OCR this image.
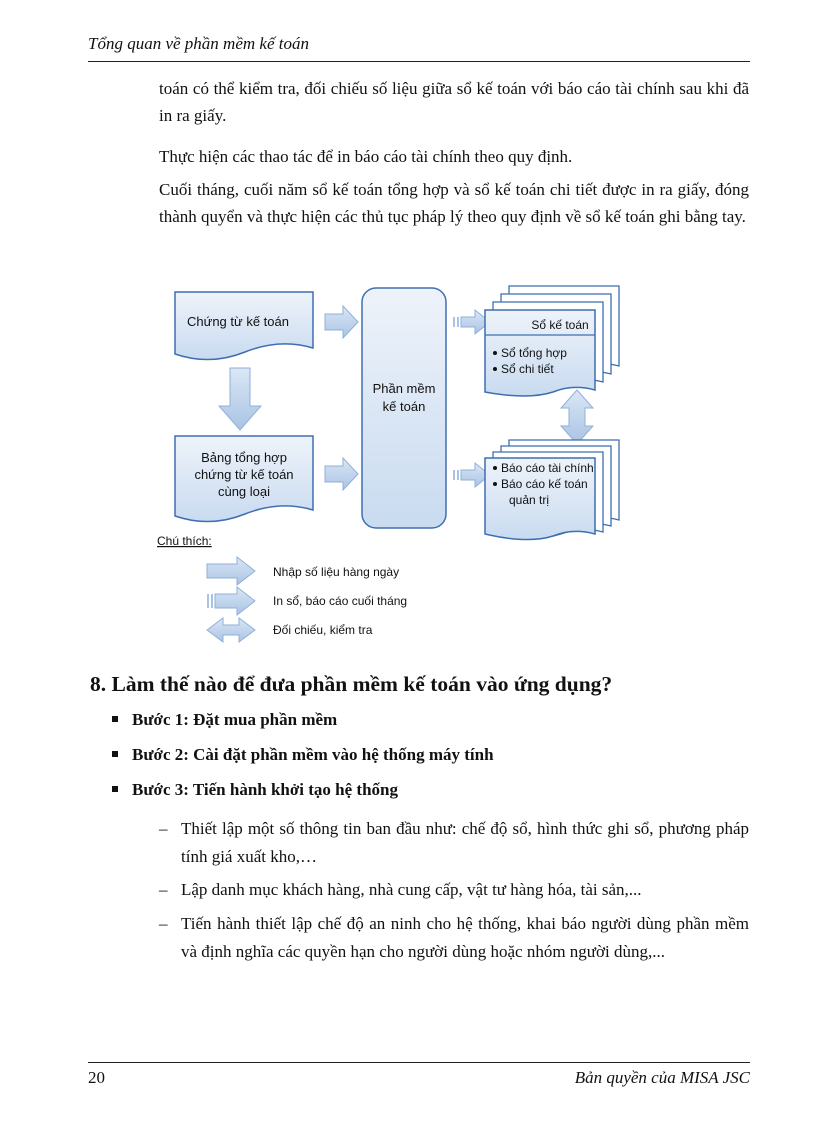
Tổng quan về phần mềm kế toán

toán có thể kiểm tra, đối chiếu số liệu giữa sổ kế toán với báo cáo tài chính sau khi đã in ra giấy.

Thực hiện các thao tác để in báo cáo tài chính theo quy định.

Cuối tháng, cuối năm sổ kế toán tổng hợp và sổ kế toán chi tiết được in ra giấy, đóng thành quyển và thực hiện các thủ tục pháp lý theo quy định về sổ kế toán ghi bằng tay.

Chứng từ kế toán
Bảng tổng hợp
chứng từ kế toán
cùng loại
Phần mềm
kế toán
Sổ kế toán
Sổ tổng hợp
Sổ chi tiết
Báo cáo tài chính
Báo cáo kế toán
quản trị
Chú thích:
Nhập số liệu hàng ngày
In sổ, báo cáo cuối tháng
Đối chiếu, kiểm tra
8. Làm thế nào để đưa phần mềm kế toán vào ứng dụng?
Bước 1: Đặt mua phần mềm
Bước 2: Cài đặt phần mềm vào hệ thống máy tính
Bước 3: Tiến hành khởi tạo hệ thống
– Thiết lập một số thông tin ban đầu như: chế độ sổ, hình thức ghi sổ, phương pháp tính giá xuất kho,…
– Lập danh mục khách hàng, nhà cung cấp, vật tư hàng hóa, tài sản,...
– Tiến hành thiết lập chế độ an ninh cho hệ thống, khai báo người dùng phần mềm và định nghĩa các quyền hạn cho người dùng hoặc nhóm người dùng,...
20	Bản quyền của MISA JSC
